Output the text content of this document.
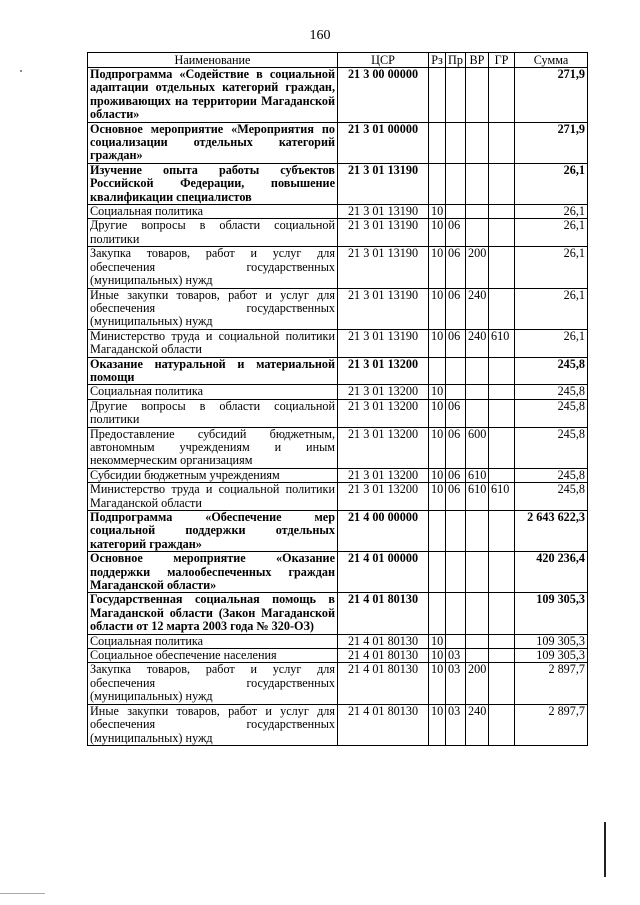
160
Наименование	ЦСР	Рз	Пр	ВР	ГР	Сумма
Подпрограмма «Содействие в социальной адаптации отдельных категорий граждан, проживающих на территории Магаданской области»	21 3 00 00000					271,9
Основное мероприятие «Мероприятия по социализации отдельных категорий граждан»	21 3 01 00000					271,9
Изучение опыта работы субъектов Российской Федерации, повышение квалификации специалистов	21 3 01 13190					26,1
Социальная политика	21 3 01 13190	10				26,1
Другие вопросы в области социальной политики	21 3 01 13190	10	06			26,1
Закупка товаров, работ и услуг для обеспечения государственных (муниципальных) нужд	21 3 01 13190	10	06	200		26,1
Иные закупки товаров, работ и услуг для обеспечения государственных (муниципальных) нужд	21 3 01 13190	10	06	240		26,1
Министерство труда и социальной политики Магаданской области	21 3 01 13190	10	06	240	610	26,1
Оказание натуральной и материальной помощи	21 3 01 13200					245,8
Социальная политика	21 3 01 13200	10				245,8
Другие вопросы в области социальной политики	21 3 01 13200	10	06			245,8
Предоставление субсидий бюджетным, автономным учреждениям и иным некоммерческим организациям	21 3 01 13200	10	06	600		245,8
Субсидии бюджетным учреждениям	21 3 01 13200	10	06	610		245,8
Министерство труда и социальной политики Магаданской области	21 3 01 13200	10	06	610	610	245,8
Подпрограмма «Обеспечение мер социальной поддержки отдельных категорий граждан»	21 4 00 00000					2 643 622,3
Основное мероприятие «Оказание поддержки малообеспеченных граждан Магаданской области»	21 4 01 00000					420 236,4
Государственная социальная помощь в Магаданской области (Закон Магаданской области от 12 марта 2003 года № 320-ОЗ)	21 4 01 80130					109 305,3
Социальная политика	21 4 01 80130	10				109 305,3
Социальное обеспечение населения	21 4 01 80130	10	03			109 305,3
Закупка товаров, работ и услуг для обеспечения государственных (муниципальных) нужд	21 4 01 80130	10	03	200		2 897,7
Иные закупки товаров, работ и услуг для обеспечения государственных (муниципальных) нужд	21 4 01 80130	10	03	240		2 897,7
